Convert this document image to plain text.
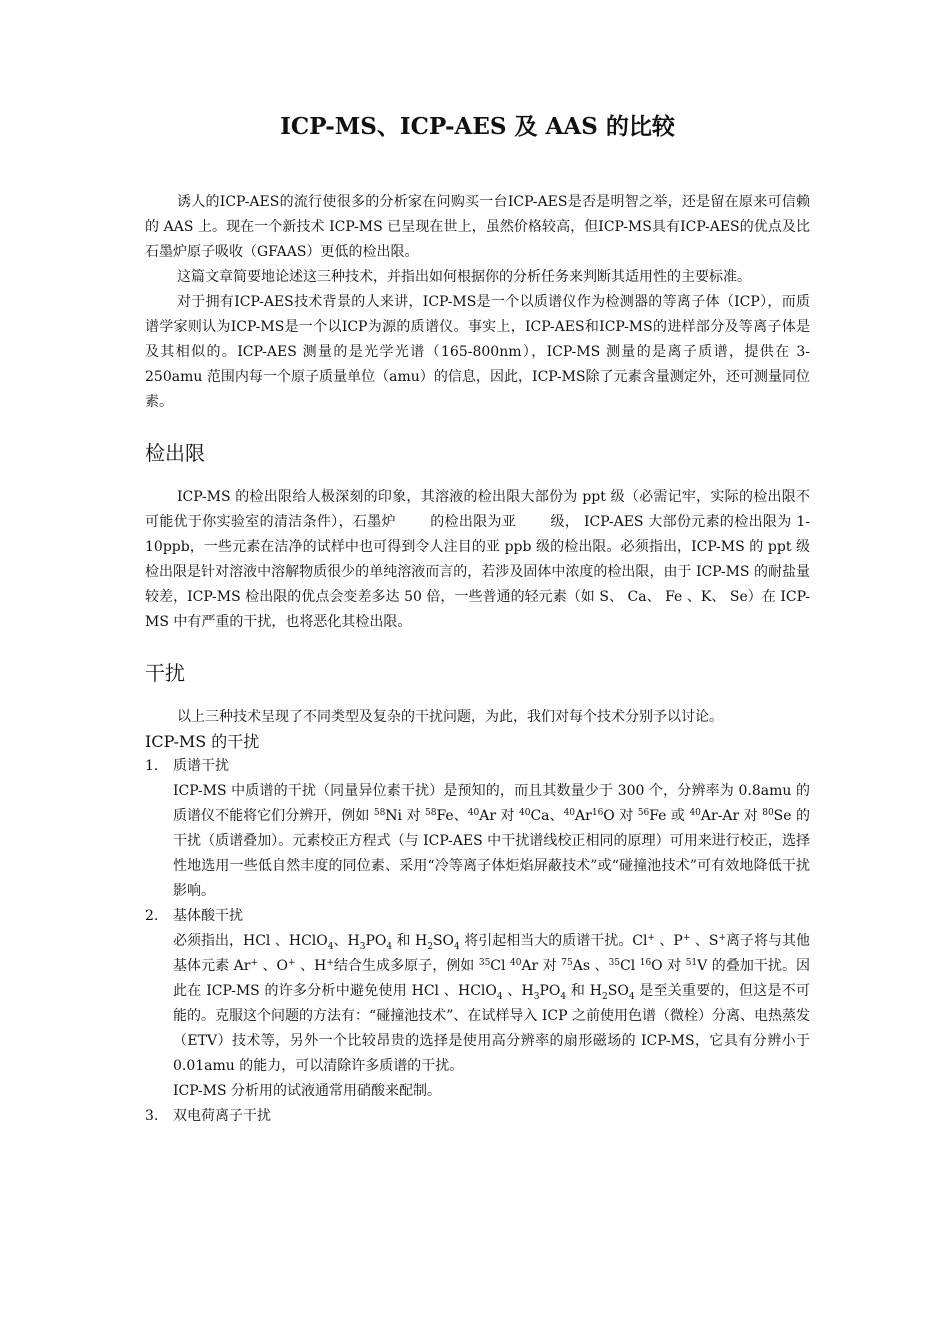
ICP-MS、ICP-AES 及 AAS 的比较

诱人的ICP-AES的流行使很多的分析家在问购买一台ICP-AES是否是明智之举，还是留在原来可信赖的 AAS 上。现在一个新技术 ICP-MS 已呈现在世上，虽然价格较高，但ICP-MS具有ICP-AES的优点及比石墨炉原子吸收（GFAAS）更低的检出限。

这篇文章简要地论述这三种技术，并指出如何根据你的分析任务来判断其适用性的主要标准。

对于拥有ICP-AES技术背景的人来讲，ICP-MS是一个以质谱仪作为检测器的等离子体（ICP），而质谱学家则认为ICP-MS是一个以ICP为源的质谱仪。事实上，ICP-AES和ICP-MS的进样部分及等离子体是及其相似的。ICP-AES 测量的是光学光谱（165-800nm），ICP-MS 测量的是离子质谱，提供在 3-250amu 范围内每一个原子质量单位（amu）的信息，因此，ICP-MS除了元素含量测定外，还可测量同位素。

检出限

ICP-MS 的检出限给人极深刻的印象，其溶液的检出限大部份为 ppt 级（必需记牢，实际的检出限不可能优于你实验室的清洁条件），石墨炉 的检出限为亚 级， ICP-AES 大部份元素的检出限为 1-10ppb，一些元素在洁净的试样中也可得到令人注目的亚 ppb 级的检出限。必须指出，ICP-MS 的 ppt 级检出限是针对溶液中溶解物质很少的单纯溶液而言的，若涉及固体中浓度的检出限，由于 ICP-MS 的耐盐量较差，ICP-MS 检出限的优点会变差多达 50 倍，一些普通的轻元素（如 S、 Ca、 Fe 、K、 Se）在 ICP-MS 中有严重的干扰，也将恶化其检出限。

干扰

以上三种技术呈现了不同类型及复杂的干扰问题，为此，我们对每个技术分别予以讨论。

ICP-MS 的干扰
1. 质谱干扰

ICP-MS 中质谱的干扰（同量异位素干扰）是预知的，而且其数量少于 300 个，分辨率为 0.8amu 的质谱仪不能将它们分辨开，例如 $^{58}$Ni 对 $^{58}$Fe、$^{40}$Ar 对 $^{40}$Ca、$^{40}$Ar$^{16}$O 对 $^{56}$Fe 或 $^{40}$Ar-Ar 对 $^{80}$Se 的干扰（质谱叠加）。元素校正方程式（与 ICP-AES 中干扰谱线校正相同的原理）可用来进行校正，选择性地选用一些低自然丰度的同位素、采用“冷等离子体炬焰屏蔽技术”或“碰撞池技术”可有效地降低干扰影响。

2. 基体酸干扰

必须指出，HCl 、HClO$_4$、$H_3PO_4$ 和 $H_2SO_4$ 将引起相当大的质谱干扰。Cl+ 、P+ 、S+离子将与其他基体元素 Ar+ 、O+ 、H+结合生成多原子，例如 $^{35}$Cl $^{40}$Ar 对 $^{75}$As 、$^{35}$Cl $^{16}$O 对 $^{51}$V 的叠加干扰。因此在 ICP-MS 的许多分析中避免使用 HCl 、HClO$_4$ 、$H_3PO_4$ 和 $H_2SO_4$ 是至关重要的，但这是不可能的。克服这个问题的方法有：“碰撞池技术”、在试样导入 ICP 之前使用色谱（微栓）分离、电热蒸发（ETV）技术等，另外一个比较昂贵的选择是使用高分辨率的扇形磁场的 ICP-MS，它具有分辨小于 0.01amu 的能力，可以清除许多质谱的干扰。

ICP-MS 分析用的试液通常用硝酸来配制。

3. 双电荷离子干扰
